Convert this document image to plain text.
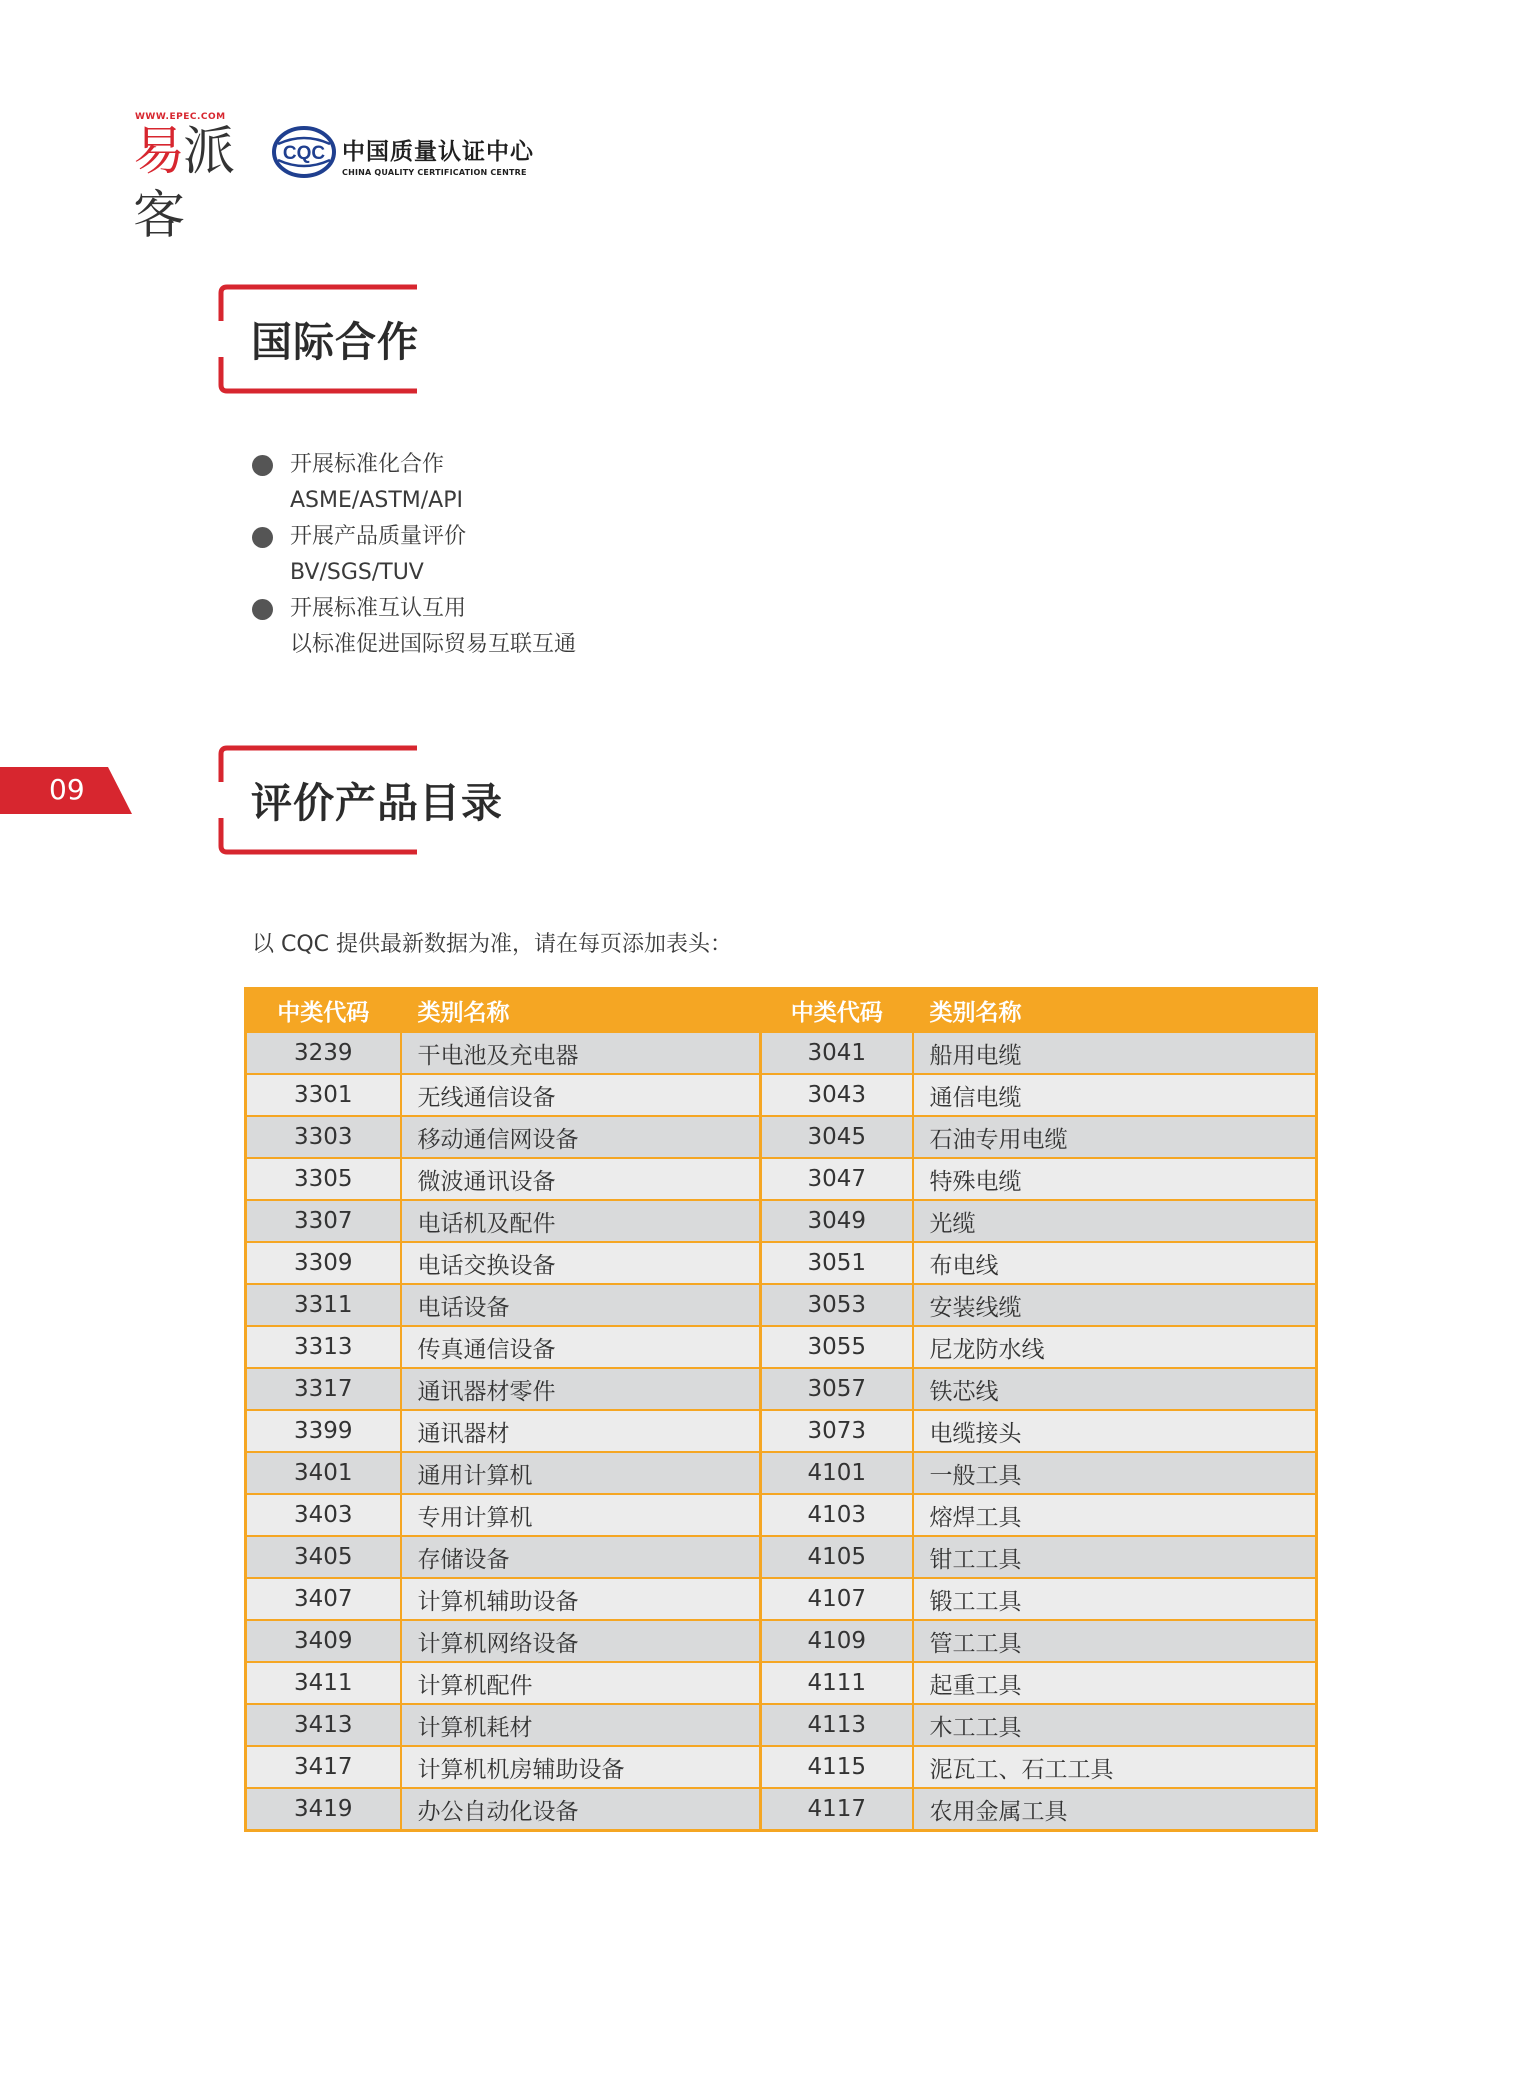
WWW.EPEC.COM
易派客
CQC 中国质量认证中心
CHINA QUALITY CERTIFICATION CENTRE
国际合作
开展标准化合作
ASME/ASTM/API
开展产品质量评价
BV/SGS/TUV
开展标准互认互用
以标准促进国际贸易互联互通
09	评价产品目录
以 CQC 提供最新数据为准，请在每页添加表头：
中类代码	类别名称	中类代码	类别名称
3239	干电池及充电器	3041	船用电缆
3301	无线通信设备	3043	通信电缆
3303	移动通信网设备	3045	石油专用电缆
3305	微波通讯设备	3047	特殊电缆
3307	电话机及配件	3049	光缆
3309	电话交换设备	3051	布电线
3311	电话设备	3053	安装线缆
3313	传真通信设备	3055	尼龙防水线
3317	通讯器材零件	3057	铁芯线
3399	通讯器材	3073	电缆接头
3401	通用计算机	4101	一般工具
3403	专用计算机	4103	熔焊工具
3405	存储设备	4105	钳工工具
3407	计算机辅助设备	4107	锻工工具
3409	计算机网络设备	4109	管工工具
3411	计算机配件	4111	起重工具
3413	计算机耗材	4113	木工工具
3417	计算机机房辅助设备	4115	泥瓦工、石工工具
3419	办公自动化设备	4117	农用金属工具
